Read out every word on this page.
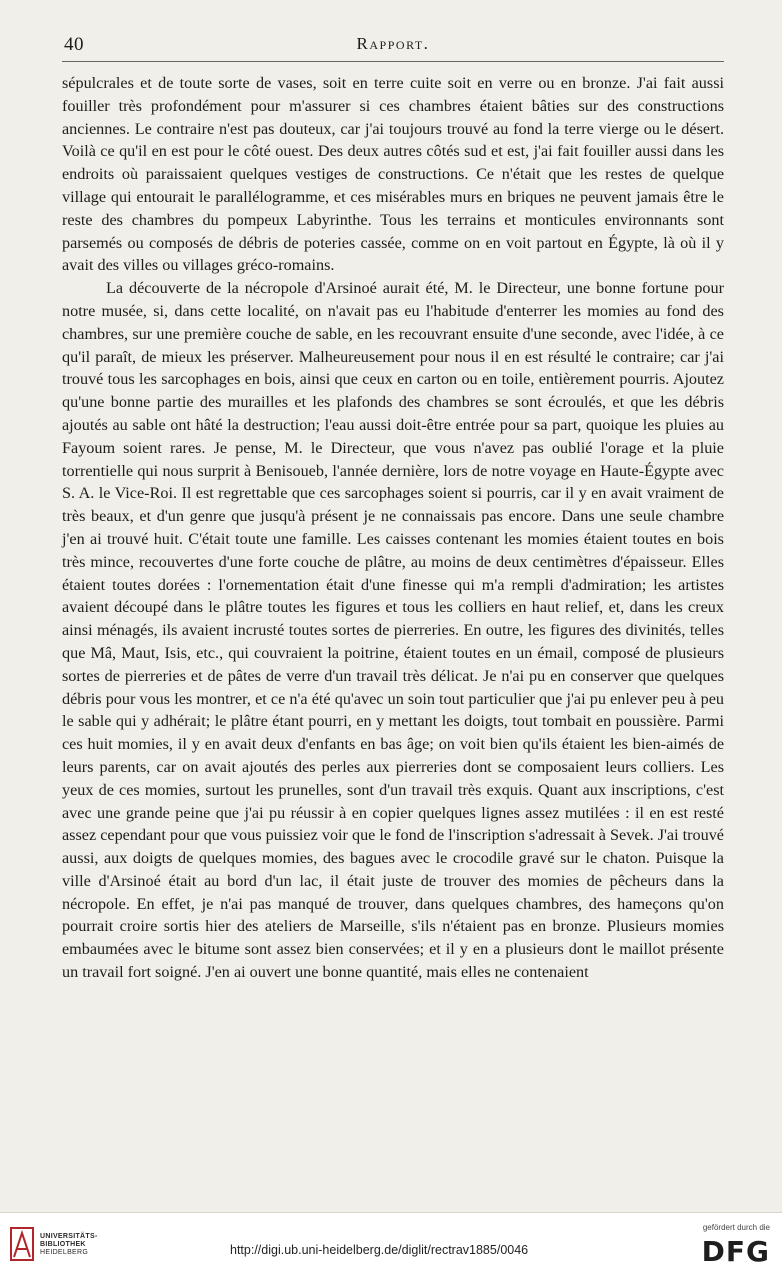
40	Rapport.

sépulcrales et de toute sorte de vases, soit en terre cuite soit en verre ou en bronze. J'ai fait aussi fouiller très profondément pour m'assurer si ces chambres étaient bâties sur des constructions anciennes. Le contraire n'est pas douteux, car j'ai toujours trouvé au fond la terre vierge ou le désert. Voilà ce qu'il en est pour le côté ouest. Des deux autres côtés sud et est, j'ai fait fouiller aussi dans les endroits où paraissaient quelques vestiges de constructions. Ce n'était que les restes de quelque village qui entourait le parallélogramme, et ces misérables murs en briques ne peuvent jamais être le reste des chambres du pompeux Labyrinthe. Tous les terrains et monticules environnants sont parsemés ou composés de débris de poteries cassée, comme on en voit partout en Égypte, là où il y avait des villes ou villages gréco-romains.

La découverte de la nécropole d'Arsinoé aurait été, M. le Directeur, une bonne fortune pour notre musée, si, dans cette localité, on n'avait pas eu l'habitude d'enterrer les momies au fond des chambres, sur une première couche de sable, en les recouvrant ensuite d'une seconde, avec l'idée, à ce qu'il paraît, de mieux les préserver. Malheureusement pour nous il en est résulté le contraire; car j'ai trouvé tous les sarcophages en bois, ainsi que ceux en carton ou en toile, entièrement pourris. Ajoutez qu'une bonne partie des murailles et les plafonds des chambres se sont écroulés, et que les débris ajoutés au sable ont hâté la destruction; l'eau aussi doit-être entrée pour sa part, quoique les pluies au Fayoum soient rares. Je pense, M. le Directeur, que vous n'avez pas oublié l'orage et la pluie torrentielle qui nous surprit à Benisoueb, l'année dernière, lors de notre voyage en Haute-Égypte avec S. A. le Vice-Roi. Il est regrettable que ces sarcophages soient si pourris, car il y en avait vraiment de très beaux, et d'un genre que jusqu'à présent je ne connaissais pas encore. Dans une seule chambre j'en ai trouvé huit. C'était toute une famille. Les caisses contenant les momies étaient toutes en bois très mince, recouvertes d'une forte couche de plâtre, au moins de deux centimètres d'épaisseur. Elles étaient toutes dorées : l'ornementation était d'une finesse qui m'a rempli d'admiration; les artistes avaient découpé dans le plâtre toutes les figures et tous les colliers en haut relief, et, dans les creux ainsi ménagés, ils avaient incrusté toutes sortes de pierreries. En outre, les figures des divinités, telles que Mâ, Maut, Isis, etc., qui couvraient la poitrine, étaient toutes en un émail, composé de plusieurs sortes de pierreries et de pâtes de verre d'un travail très délicat. Je n'ai pu en conserver que quelques débris pour vous les montrer, et ce n'a été qu'avec un soin tout particulier que j'ai pu enlever peu à peu le sable qui y adhérait; le plâtre étant pourri, en y mettant les doigts, tout tombait en poussière. Parmi ces huit momies, il y en avait deux d'enfants en bas âge; on voit bien qu'ils étaient les bien-aimés de leurs parents, car on avait ajoutés des perles aux pierreries dont se composaient leurs colliers. Les yeux de ces momies, surtout les prunelles, sont d'un travail très exquis. Quant aux inscriptions, c'est avec une grande peine que j'ai pu réussir à en copier quelques lignes assez mutilées : il en est resté assez cependant pour que vous puissiez voir que le fond de l'inscription s'adressait à Sevek. J'ai trouvé aussi, aux doigts de quelques momies, des bagues avec le crocodile gravé sur le chaton. Puisque la ville d'Arsinoé était au bord d'un lac, il était juste de trouver des momies de pêcheurs dans la nécropole. En effet, je n'ai pas manqué de trouver, dans quelques chambres, des hameçons qu'on pourrait croire sortis hier des ateliers de Marseille, s'ils n'étaient pas en bronze. Plusieurs momies embaumées avec le bitume sont assez bien conservées; et il y en a plusieurs dont le maillot présente un travail fort soigné. J'en ai ouvert une bonne quantité, mais elles ne contenaient

UNIVERSITÄTS-
BIBLIOTHEK
HEIDELBERG	http://digi.ub.uni-heidelberg.de/diglit/rectrav1885/0046
gefördert durch die
DFG
